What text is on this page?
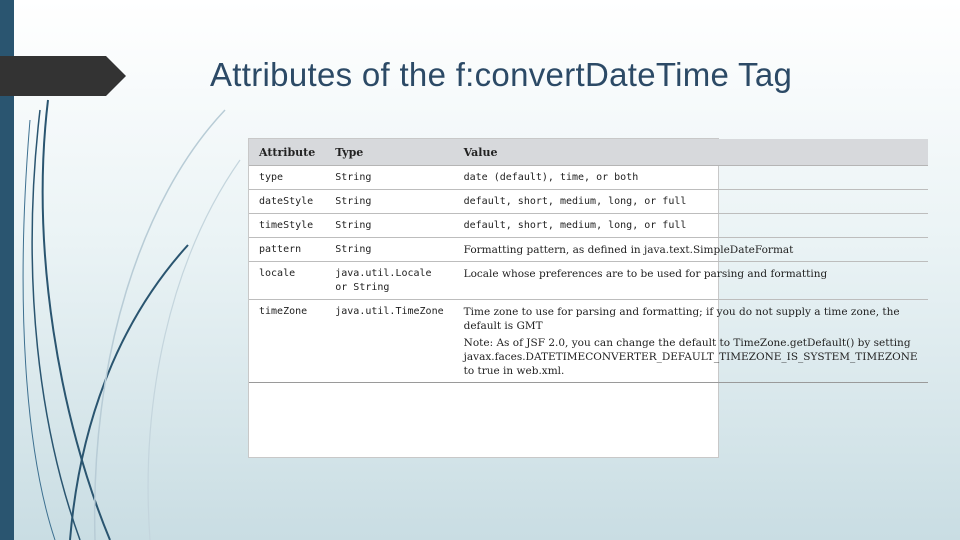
Attributes of the f:convertDateTime Tag
Attribute	Type	Value
type	String	date (default), time, or both
dateStyle	String	default, short, medium, long, or full
timeStyle	String	default, short, medium, long, or full
pattern	String	Formatting pattern, as defined in java.text.SimpleDateFormat
locale	java.util.Locale or String	Locale whose preferences are to be used for parsing and formatting
timeZone	java.util.TimeZone	Time zone to use for parsing and formatting; if you do not supply a time zone, the default is GMT
Note: As of JSF 2.0, you can change the default to TimeZone.getDefault() by setting javax.faces.DATETIMECONVERTER_DEFAULT_TIMEZONE_IS_SYSTEM_TIMEZONE to true in web.xml.
